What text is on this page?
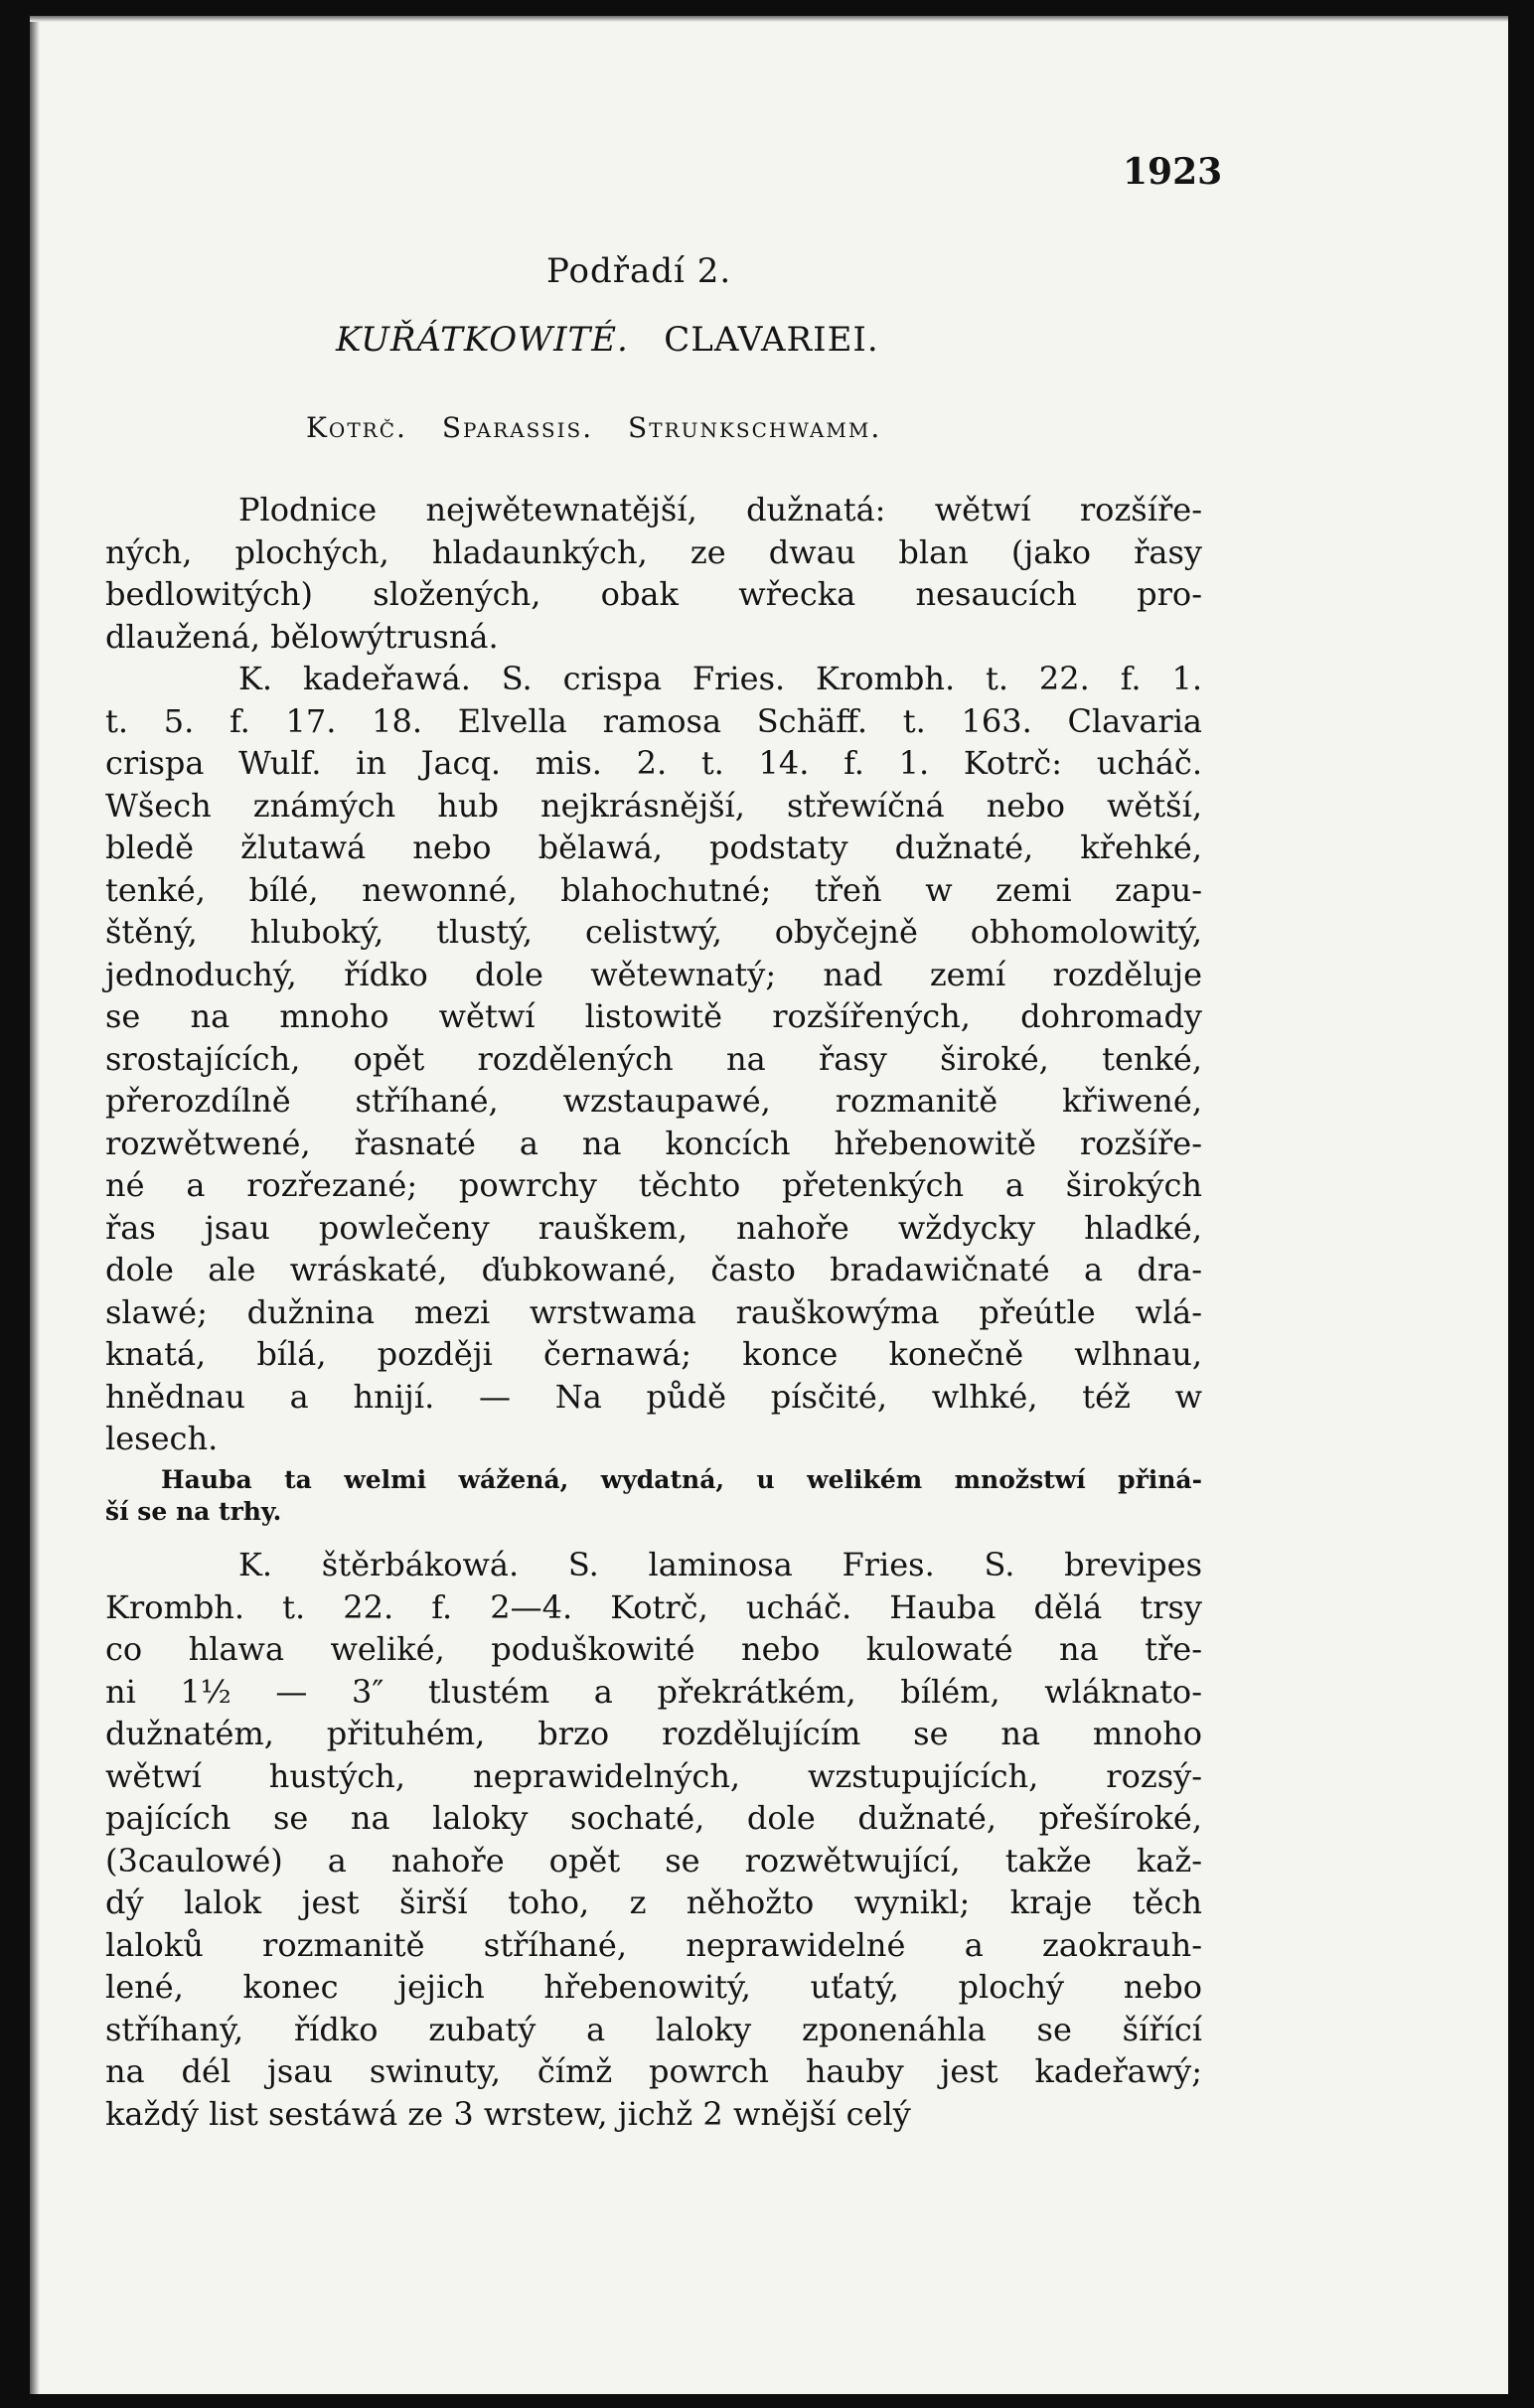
1923
Podřadí 2.
KUŘÁTKOWITÉ. CLAVARIEI.
Kotrč. Sparassis. Strunkschwamm.
Plodnice nejwětewnatější, dužnatá: wětwí rozšíře-
ných, plochých, hladaunkých, ze dwau blan (jako řasy
bedlowitých) složených, obak wřecka nesaucích pro-
dlaužená, bělowýtrusná.
K. kadeřawá. S. crispa Fries. Krombh. t. 22. f. 1.
t. 5. f. 17. 18. Elvella ramosa Schäff. t. 163. Clavaria
crispa Wulf. in Jacq. mis. 2. t. 14. f. 1. Kotrč: ucháč.
Wšech známých hub nejkrásnější, střewíčná nebo wětší,
bledě žlutawá nebo bělawá, podstaty dužnaté, křehké,
tenké, bílé, newonné, blahochutné; třeň w zemi zapu-
štěný, hluboký, tlustý, celistwý, obyčejně obhomolowitý,
jednoduchý, řídko dole wětewnatý; nad zemí rozděluje
se na mnoho wětwí listowitě rozšířených, dohromady
srostajících, opět rozdělených na řasy široké, tenké,
přerozdílně stříhané, wzstaupawé, rozmanitě křiwené,
rozwětwené, řasnaté a na koncích hřebenowitě rozšíře-
né a rozřezané; powrchy těchto přetenkých a širokých
řas jsau powlečeny rauškem, nahoře wždycky hladké,
dole ale wráskaté, ďubkowané, často bradawičnaté a dra-
slawé; dužnina mezi wrstwama rauškowýma přeútle wlá-
knatá, bílá, později černawá; konce konečně wlhnau,
hnědnau a hnijí. — Na půdě písčité, wlhké, též w
lesech.
Hauba ta welmi wážená, wydatná, u welikém množstwí přiná-
ší se na trhy.
K. štěrbákowá. S. laminosa Fries. S. brevipes
Krombh. t. 22. f. 2—4. Kotrč, ucháč. Hauba dělá trsy
co hlawa weliké, poduškowité nebo kulowaté na tře-
ni 1½ — 3″ tlustém a překrátkém, bílém, wláknato-
dužnatém, přituhém, brzo rozdělujícím se na mnoho
wětwí hustých, neprawidelných, wzstupujících, rozsý-
pajících se na laloky sochaté, dole dužnaté, přešíroké,
(3caulowé) a nahoře opět se rozwětwující, takže kaž-
dý lalok jest širší toho, z něhožto wynikl; kraje těch
laloků rozmanitě stříhané, neprawidelné a zaokrauh-
lené, konec jejich hřebenowitý, uťatý, plochý nebo
stříhaný, řídko zubatý a laloky zponenáhla se šířící
na dél jsau swinuty, čímž powrch hauby jest kadeřawý;
každý list sestáwá ze 3 wrstew, jichž 2 wnější celý
